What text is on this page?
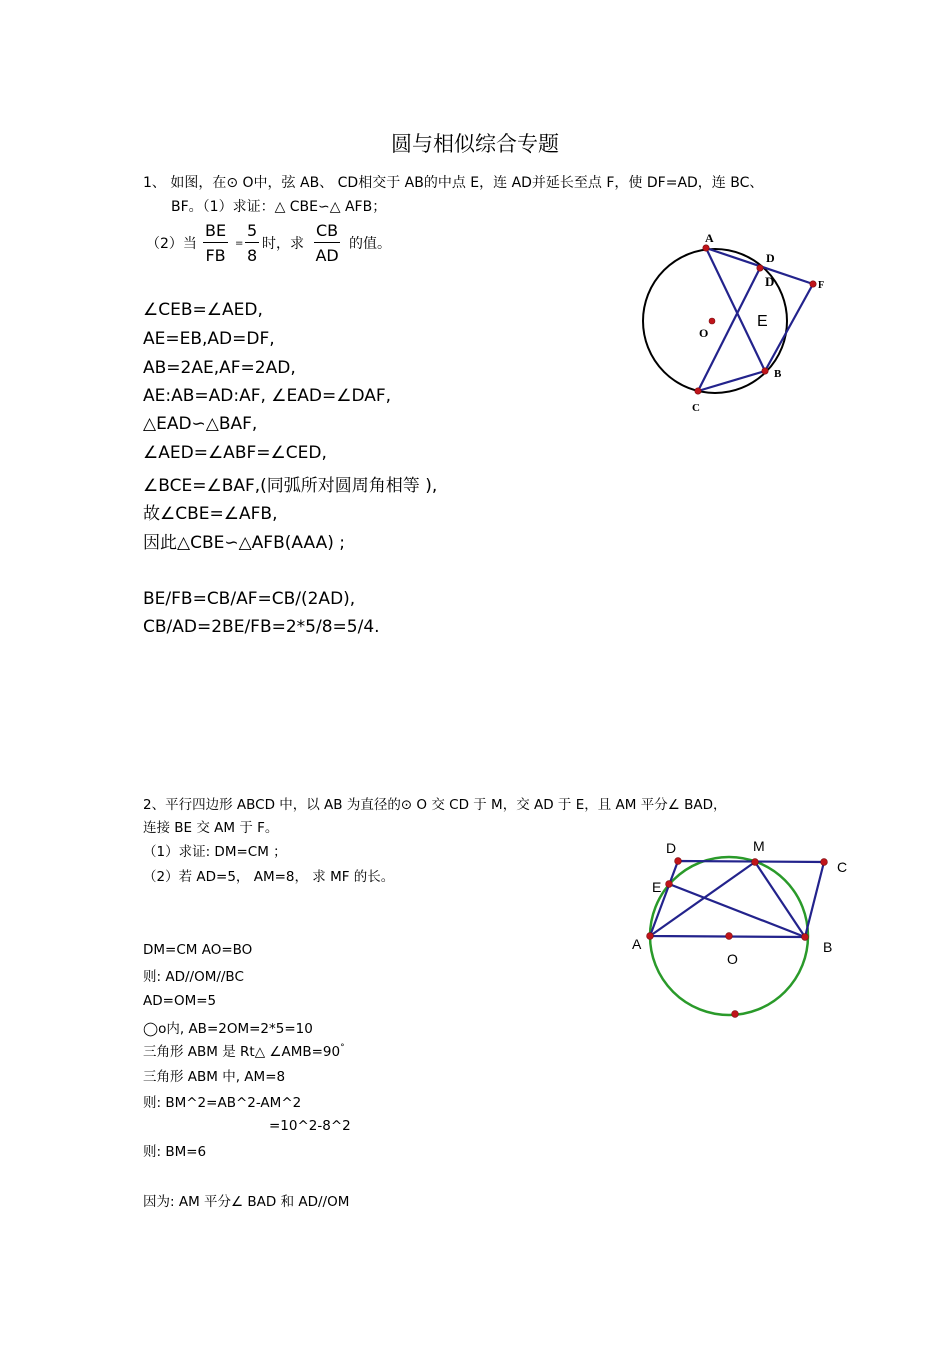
圆与相似综合专题
1、 如图，在⊙ O中，弦 AB、 CD相交于 AB的中点 E，连 AD并延长至点 F，使 DF=AD，连 BC、
BF。（1）求证：△ CBE∽△ AFB；
（2）当 $\frac{BE}{FB} = \frac{5}{8}$ 时，求 $\frac{CB}{AD}$ 的值。
∠CEB=∠AED,
AE=EB,AD=DF,
AB=2AE,AF=2AD,
AE:AB=AD:AF, ∠EAD=∠DAF,
△EAD∽△BAF,
∠AED=∠ABF=∠CED,
∠BCE=∠BAF,(同弧所对圆周角相等 ),
故∠CBE=∠AFB,
因此△CBE∽△AFB(AAA) ;
BE/FB=CB/AF=CB/(2AD),
CB/AD=2BE/FB=2*5/8=5/4.
A
D
D	F
O
B
C
E
2、平行四边形 ABCD 中，以 AB 为直径的⊙ O 交 CD 于 M，交 AD 于 E，且 AM 平分∠ BAD，
连接 BE 交 AM 于 F。
（1）求证: DM=CM ；
（2）若 AD=5， AM=8， 求 MF 的长。
DM=CM AO=BO
则: AD//OM//BC
AD=OM=5
◯o内, AB=2OM=2*5=10
三角形 ABM 是 Rt△ ∠AMB=90°
三角形 ABM 中, AM=8
则: BM^2=AB^2-AM^2
=10^2-8^2
则: BM=6
因为: AM 平分∠ BAD 和 AD//OM
D	M
C
E
A	B
O
